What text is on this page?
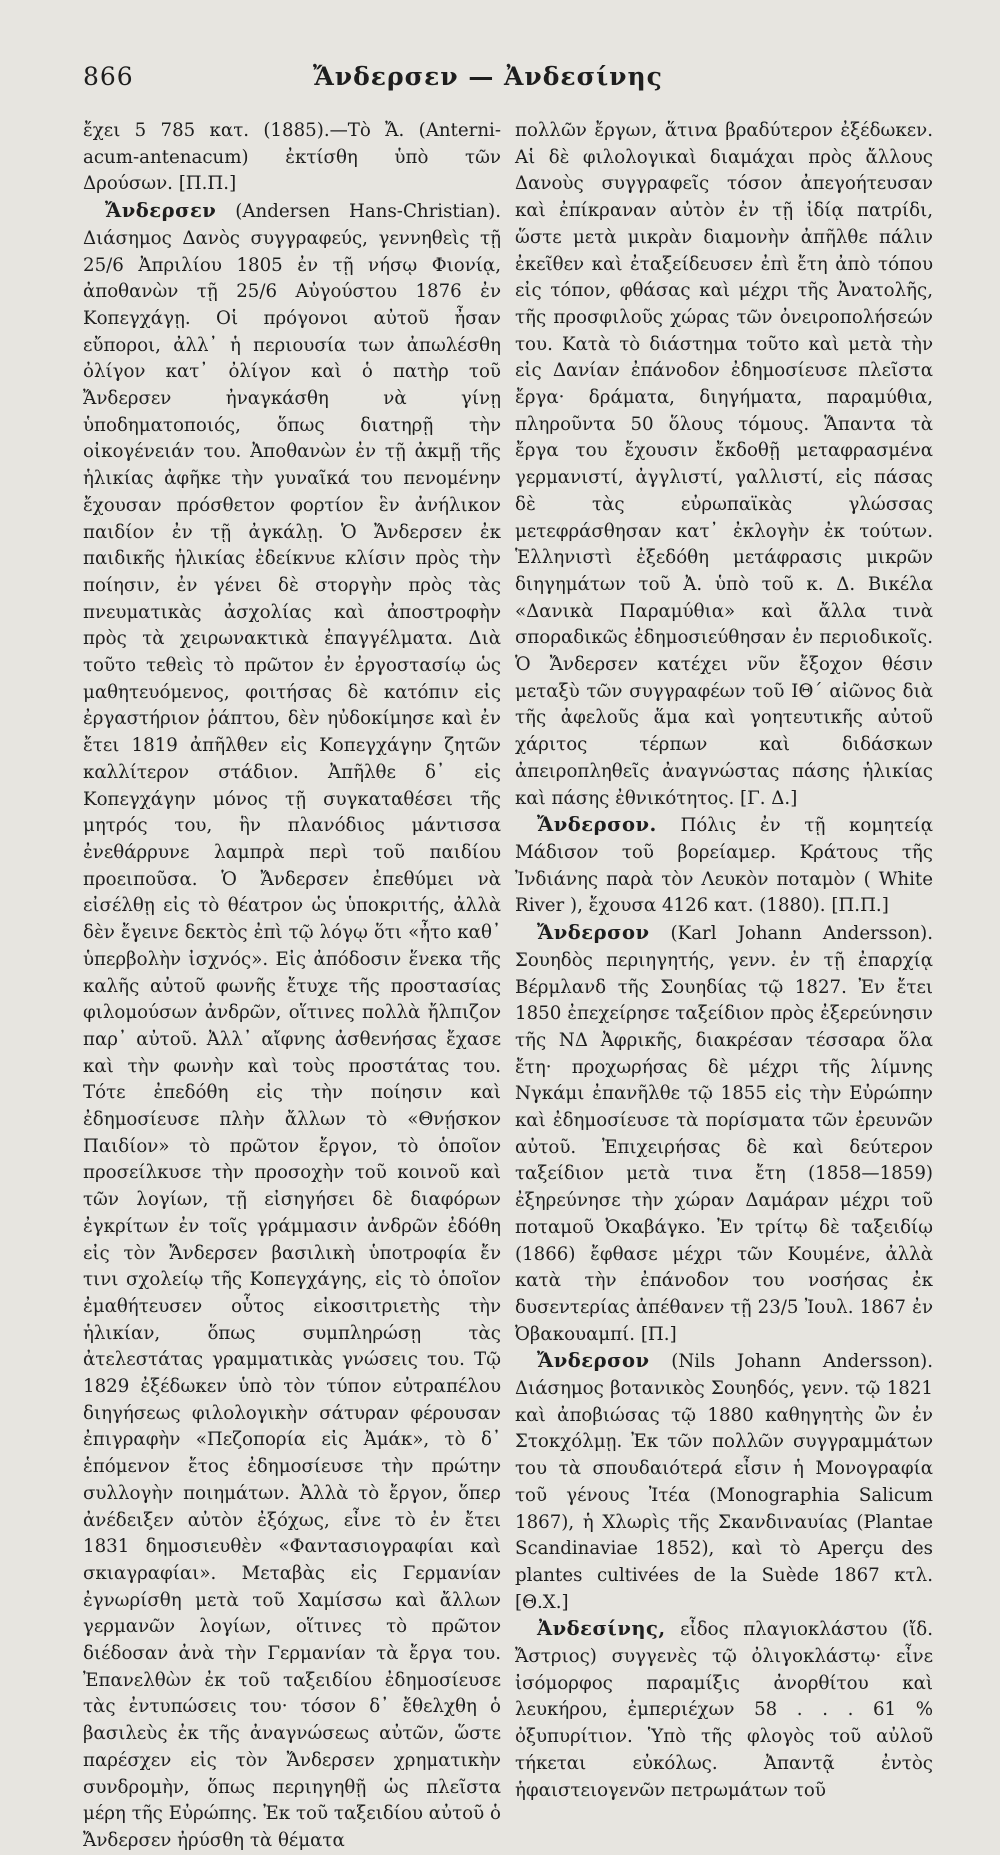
866	Ἄνδερσεν — Ἀνδεσίνης

ἔχει 5 785 κατ. (1885).—Τὸ Ἄ. (Anterni-acum-antenacum) ἐκτίσθη ὑπὸ τῶν Δρούσων. [Π.Π.]

Ἄνδερσεν (Andersen Hans-Christian). Διάσημος Δανὸς συγγραφεύς, γεννηθεὶς τῇ 25/6 Ἀπριλίου 1805 ἐν τῇ νήσῳ Φιονίᾳ, ἀποθανὼν τῇ 25/6 Αὐγούστου 1876 ἐν Κοπεγχάγῃ. Οἱ πρόγονοι αὐτοῦ ἦσαν εὔποροι, ἀλλ᾽ ἡ περιουσία των ἀπωλέσθη ὀλίγον κατ᾽ ὀλίγον καὶ ὁ πατὴρ τοῦ Ἄνδερσεν ἠναγκάσθη νὰ γίνῃ ὑποδηματοποιός, ὅπως διατηρῇ τὴν οἰκογένειάν του. Ἀποθανὼν ἐν τῇ ἀκμῇ τῆς ἡλικίας ἀφῆκε τὴν γυναῖκά του πενομένην ἔχουσαν πρόσθετον φορτίον ἓν ἀνήλικον παιδίον ἐν τῇ ἀγκάλῃ. Ὁ Ἄνδερσεν ἐκ παιδικῆς ἡλικίας ἐδείκνυε κλίσιν πρὸς τὴν ποίησιν, ἐν γένει δὲ στοργὴν πρὸς τὰς πνευματικὰς ἀσχολίας καὶ ἀποστροφὴν πρὸς τὰ χειρωνακτικὰ ἐπαγγέλματα. Διὰ τοῦτο τεθεὶς τὸ πρῶτον ἐν ἐργοστασίῳ ὡς μαθητευόμενος, φοιτήσας δὲ κατόπιν εἰς ἐργαστήριον ῥάπτου, δὲν ηὐδοκίμησε καὶ ἐν ἔτει 1819 ἀπῆλθεν εἰς Κοπεγχάγην ζητῶν καλλίτερον στάδιον. Ἀπῆλθε δ᾽ εἰς Κοπεγχάγην μόνος τῇ συγκαταθέσει τῆς μητρός του, ἣν πλανόδιος μάντισσα ἐνεθάρρυνε λαμπρὰ περὶ τοῦ παιδίου προειποῦσα. Ὁ Ἄνδερσεν ἐπεθύμει νὰ εἰσέλθῃ εἰς τὸ θέατρον ὡς ὑποκριτής, ἀλλὰ δὲν ἔγεινε δεκτὸς ἐπὶ τῷ λόγῳ ὅτι «ἦτο καθ᾽ ὑπερβολὴν ἰσχνός». Εἰς ἀπόδοσιν ἕνεκα τῆς καλῆς αὐτοῦ φωνῆς ἔτυχε τῆς προστασίας φιλομούσων ἀνδρῶν, οἵτινες πολλὰ ἤλπιζον παρ᾽ αὐτοῦ. Ἀλλ᾽ αἴφνης ἀσθενήσας ἔχασε καὶ τὴν φωνὴν καὶ τοὺς προστάτας του. Τότε ἐπεδόθη εἰς τὴν ποίησιν καὶ ἐδημοσίευσε πλὴν ἄλλων τὸ «Θνῄσκον Παιδίον» τὸ πρῶτον ἔργον, τὸ ὁποῖον προσείλκυσε τὴν προσοχὴν τοῦ κοινοῦ καὶ τῶν λογίων, τῇ εἰσηγήσει δὲ διαφόρων ἐγκρίτων ἐν τοῖς γράμμασιν ἀνδρῶν ἐδόθη εἰς τὸν Ἄνδερσεν βασιλικὴ ὑποτροφία ἔν τινι σχολείῳ τῆς Κοπεγχάγης, εἰς τὸ ὁποῖον ἐμαθήτευσεν οὗτος εἰκοσιτριετὴς τὴν ἡλικίαν, ὅπως συμπληρώσῃ τὰς ἀτελεστάτας γραμματικὰς γνώσεις του. Τῷ 1829 ἐξέδωκεν ὑπὸ τὸν τύπον εὐτραπέλου διηγήσεως φιλολογικὴν σάτυραν φέρουσαν ἐπιγραφὴν «Πεζοπορία εἰς Ἀμάκ», τὸ δ᾽ ἑπόμενον ἔτος ἐδημοσίευσε τὴν πρώτην συλλογὴν ποιημάτων. Ἀλλὰ τὸ ἔργον, ὅπερ ἀνέδειξεν αὐτὸν ἐξόχως, εἶνε τὸ ἐν ἔτει 1831 δημοσιευθὲν «Φαντασιογραφίαι καὶ σκιαγραφίαι». Μεταβὰς εἰς Γερμανίαν ἐγνωρίσθη μετὰ τοῦ Χαμίσσω καὶ ἄλλων γερμανῶν λογίων, οἵτινες τὸ πρῶτον διέδοσαν ἀνὰ τὴν Γερμανίαν τὰ ἔργα του. Ἐπανελθὼν ἐκ τοῦ ταξειδίου ἐδημοσίευσε τὰς ἐντυπώσεις του· τόσον δ᾽ ἔθελχθη ὁ βασιλεὺς ἐκ τῆς ἀναγνώσεως αὐτῶν, ὥστε παρέσχεν εἰς τὸν Ἄνδερσεν χρηματικὴν συνδρομὴν, ὅπως περιηγηθῇ ὡς πλεῖστα μέρη τῆς Εὐρώπης. Ἐκ τοῦ ταξειδίου αὐτοῦ ὁ Ἄνδερσεν ἠρύσθη τὰ θέματα

πολλῶν ἔργων, ἅτινα βραδύτερον ἐξέδωκεν. Αἱ δὲ φιλολογικαὶ διαμάχαι πρὸς ἄλλους Δανοὺς συγγραφεῖς τόσον ἀπεγοήτευσαν καὶ ἐπίκραναν αὐτὸν ἐν τῇ ἰδίᾳ πατρίδι, ὥστε μετὰ μικρὰν διαμονὴν ἀπῆλθε πάλιν ἐκεῖθεν καὶ ἐταξείδευσεν ἐπὶ ἔτη ἀπὸ τόπου εἰς τόπον, φθάσας καὶ μέχρι τῆς Ἀνατολῆς, τῆς προσφιλοῦς χώρας τῶν ὀνειροπολήσεών του. Κατὰ τὸ διάστημα τοῦτο καὶ μετὰ τὴν εἰς Δανίαν ἐπάνοδον ἐδημοσίευσε πλεῖστα ἔργα· δράματα, διηγήματα, παραμύθια, πληροῦντα 50 ὅλους τόμους. Ἅπαντα τὰ ἔργα του ἔχουσιν ἔκδοθῇ μεταφρασμένα γερμανιστί, ἀγγλιστί, γαλλιστί, εἰς πάσας δὲ τὰς εὐρωπαϊκὰς γλώσσας μετεφράσθησαν κατ᾽ ἐκλογὴν ἐκ τούτων. Ἑλληνιστὶ ἐξεδόθη μετάφρασις μικρῶν διηγημάτων τοῦ Ἀ. ὑπὸ τοῦ κ. Δ. Βικέλα «Δανικὰ Παραμύθια» καὶ ἄλλα τινὰ σποραδικῶς ἐδημοσιεύθησαν ἐν περιοδικοῖς. Ὁ Ἄνδερσεν κατέχει νῦν ἔξοχον θέσιν μεταξὺ τῶν συγγραφέων τοῦ ΙΘ´ αἰῶνος διὰ τῆς ἀφελοῦς ἅμα καὶ γοητευτικῆς αὐτοῦ χάριτος τέρπων καὶ διδάσκων ἀπειροπληθεῖς ἀναγνώστας πάσης ἡλικίας καὶ πάσης ἐθνικότητος. [Γ. Δ.]

Ἄνδερσον. Πόλις ἐν τῇ κομητείᾳ Μάδισον τοῦ βορείαμερ. Κράτους τῆς Ἰνδιάνης παρὰ τὸν Λευκὸν ποταμὸν ( White River ), ἔχουσα 4126 κατ. (1880). [Π.Π.]

Ἄνδερσον (Karl Johann Andersson). Σουηδὸς περιηγητής, γενν. ἐν τῇ ἐπαρχίᾳ Βέρμλανδ τῆς Σουηδίας τῷ 1827. Ἐν ἔτει 1850 ἐπεχείρησε ταξείδιον πρὸς ἐξερεύνησιν τῆς ΝΔ Ἀφρικῆς, διακρέσαν τέσσαρα ὅλα ἔτη· προχωρήσας δὲ μέχρι τῆς λίμνης Νγκάμι ἐπανῆλθε τῷ 1855 εἰς τὴν Εὐρώπην καὶ ἐδημοσίευσε τὰ πορίσματα τῶν ἐρευνῶν αὐτοῦ. Ἐπιχειρήσας δὲ καὶ δεύτερον ταξείδιον μετὰ τινα ἔτη (1858—1859) ἐξηρεύνησε τὴν χώραν Δαμάραν μέχρι τοῦ ποταμοῦ Ὀκαβάγκο. Ἐν τρίτῳ δὲ ταξειδίῳ (1866) ἔφθασε μέχρι τῶν Κουμένε, ἀλλὰ κατὰ τὴν ἐπάνοδον του νοσήσας ἐκ δυσεντερίας ἀπέθανεν τῇ 23/5 Ἰουλ. 1867 ἐν Ὀβακουαμπί. [Π.]

Ἄνδερσον (Nils Johann Andersson). Διάσημος βοτανικὸς Σουηδός, γενν. τῷ 1821 καὶ ἀποβιώσας τῷ 1880 καθηγητὴς ὢν ἐν Στοκχόλμῃ. Ἐκ τῶν πολλῶν συγγραμμάτων του τὰ σπουδαιότερά εἶσιν ἡ Μονογραφία τοῦ γένους Ἰτέα (Monographia Salicum 1867), ἡ Χλωρὶς τῆς Σκανδιναυίας (Plantae Scandinaviae 1852), καὶ τὸ Aperçu des plantes cultivées de la Suède 1867 κτλ. [Θ.Χ.]

Ἀνδεσίνης, εἶδος πλαγιοκλάστου (ἴδ. Ἄστριος) συγγενὲς τῷ ὀλιγοκλάστῳ· εἶνε ἰσόμορφος παραμίξις ἀνορθίτου καὶ λευκήρου, ἐμπεριέχων 58 . . . 61 % ὀξυπυρίτιον. Ὑπὸ τῆς φλογὸς τοῦ αὐλοῦ τήκεται εὐκόλως. Ἀπαντᾷ ἐντὸς ἡφαιστειογενῶν πετρωμάτων τοῦ
